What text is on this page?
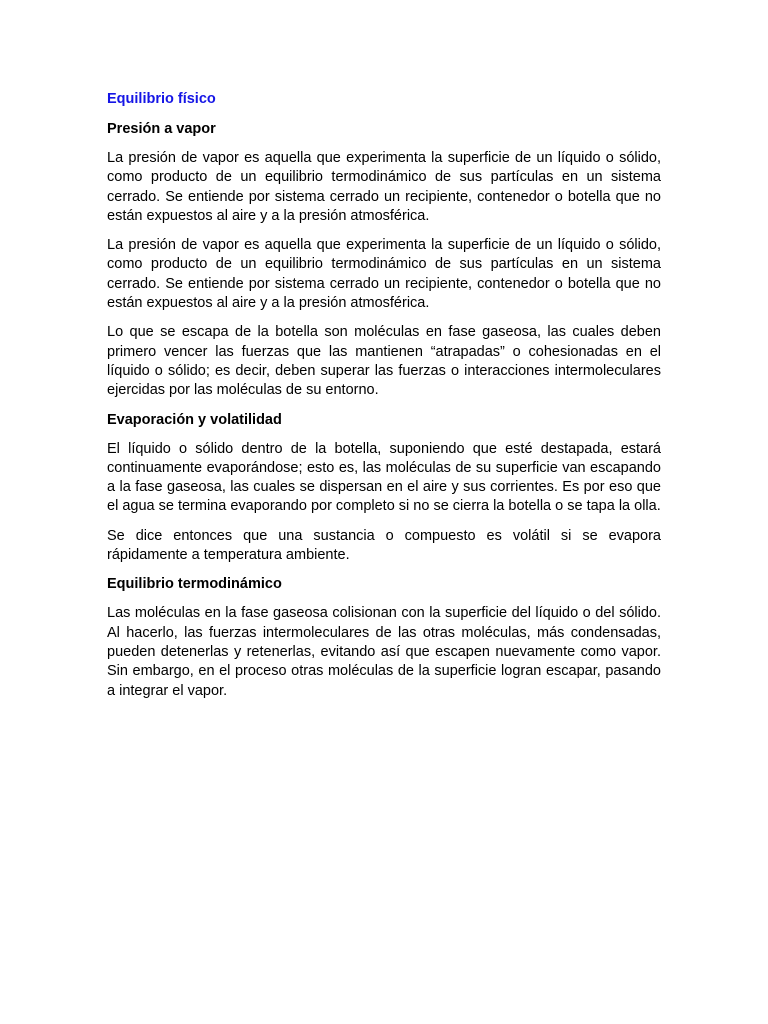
Equilibrio físico
Presión a vapor

La presión de vapor es aquella que experimenta la superficie de un líquido o sólido, como producto de un equilibrio termodinámico de sus partículas en un sistema cerrado. Se entiende por sistema cerrado un recipiente, contenedor o botella que no están expuestos al aire y a la presión atmosférica.

La presión de vapor es aquella que experimenta la superficie de un líquido o sólido, como producto de un equilibrio termodinámico de sus partículas en un sistema cerrado. Se entiende por sistema cerrado un recipiente, contenedor o botella que no están expuestos al aire y a la presión atmosférica.

Lo que se escapa de la botella son moléculas en fase gaseosa, las cuales deben primero vencer las fuerzas que las mantienen “atrapadas” o cohesionadas en el líquido o sólido; es decir, deben superar las fuerzas o interacciones intermoleculares ejercidas por las moléculas de su entorno.

Evaporación y volatilidad

El líquido o sólido dentro de la botella, suponiendo que esté destapada, estará continuamente evaporándose; esto es, las moléculas de su superficie van escapando a la fase gaseosa, las cuales se dispersan en el aire y sus corrientes. Es por eso que el agua se termina evaporando por completo si no se cierra la botella o se tapa la olla.

Se dice entonces que una sustancia o compuesto es volátil si se evapora rápidamente a temperatura ambiente.

Equilibrio termodinámico

Las moléculas en la fase gaseosa colisionan con la superficie del líquido o del sólido. Al hacerlo, las fuerzas intermoleculares de las otras moléculas, más condensadas, pueden detenerlas y retenerlas, evitando así que escapen nuevamente como vapor. Sin embargo, en el proceso otras moléculas de la superficie logran escapar, pasando a integrar el vapor.
